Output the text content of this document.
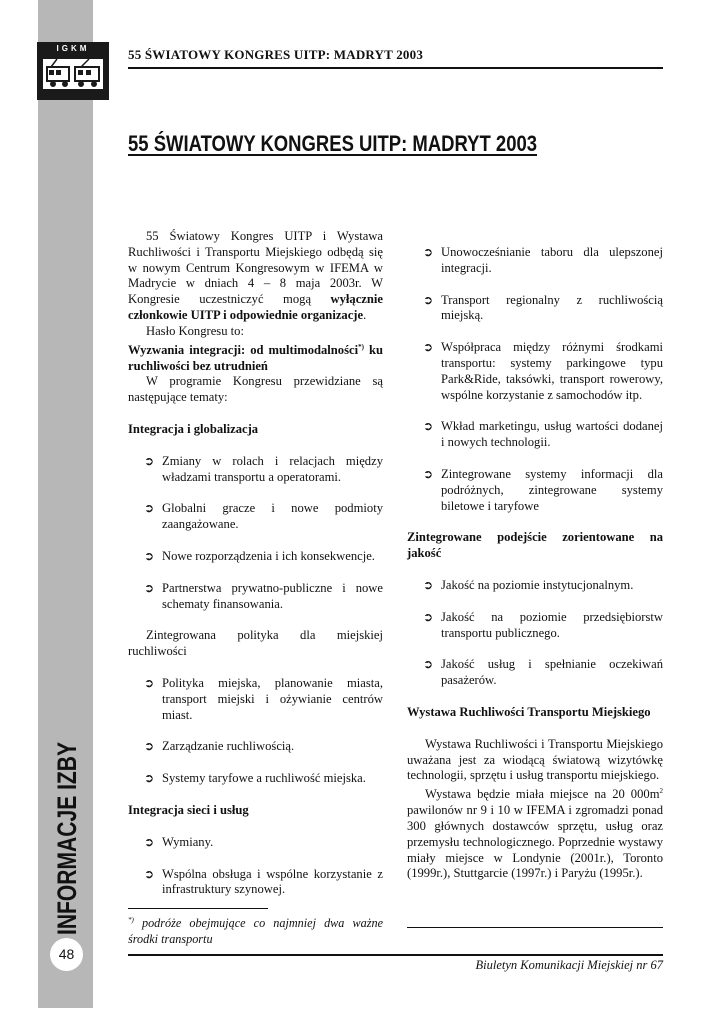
IGKM	55 ŚWIATOWY KONGRES UITP: MADRYT 2003
55 ŚWIATOWY KONGRES UITP: MADRYT 2003
INFORMACJE IZBY
48

55 Światowy Kongres UITP i Wystawa Ruchliwości i Transportu Miejskiego odbędą się w nowym Centrum Kongresowym w IFEMA w Madrycie w dniach 4 – 8 maja 2003r. W Kongresie uczestniczyć mogą wyłącznie członkowie UITP i odpowiednie organizacje.

Hasło Kongresu to:

Wyzwania integracji: od multimodalności*) ku ruchliwości bez utrudnień

W programie Kongresu przewidziane są następujące tematy:

Integracja i globalizacja

➲ Zmiany w rolach i relacjach między władzami transportu a operatorami.

➲ Globalni gracze i nowe podmioty zaangażowane.

➲ Nowe rozporządzenia i ich konsekwencje.

➲ Partnerstwa prywatno-publiczne i nowe schematy finansowania.

Zintegrowana polityka dla miejskiej ruchliwości

➲ Polityka miejska, planowanie miasta, transport miejski i ożywianie centrów miast.

➲ Zarządzanie ruchliwością.

➲ Systemy taryfowe a ruchliwość miejska.

Integracja sieci i usług

➲ Wymiany.

➲ Wspólna obsługa i wspólne korzystanie z infrastruktury szynowej.

*) podróże obejmujące co najmniej dwa ważne środki transportu

➲ Unowocześnianie taboru dla ulepszonej integracji.

➲ Transport regionalny z ruchliwością miejską.

➲ Współpraca między różnymi środkami transportu: systemy parkingowe typu Park&Ride, taksówki, transport rowerowy, wspólne korzystanie z samochodów itp.

➲ Wkład marketingu, usług wartości dodanej i nowych technologii.

➲ Zintegrowane systemy informacji dla podróżnych, zintegrowane systemy biletowe i taryfowe

Zintegrowane podejście zorientowane na jakość

➲ Jakość na poziomie instytucjonalnym.

➲ Jakość na poziomie przedsiębiorstw transportu publicznego.

➲ Jakość usług i spełnianie oczekiwań pasażerów.

Wystawa Ruchliwości Transportu Miejskiego

Wystawa Ruchliwości i Transportu Miejskiego uważana jest za wiodącą światową wizytówkę technologii, sprzętu i usług transportu miejskiego.

Wystawa będzie miała miejsce na 20 $000m^2$ pawilonów nr 9 i 10 w IFEMA i zgromadzi ponad 300 głównych dostawców sprzętu, usług oraz przemysłu technologicznego. Poprzednie wystawy miały miejsce w Londynie (2001r.), Toronto (1999r.), Stuttgarcie (1997r.) i Paryżu (1995r.).

Biuletyn Komunikacji Miejskiej nr 67
